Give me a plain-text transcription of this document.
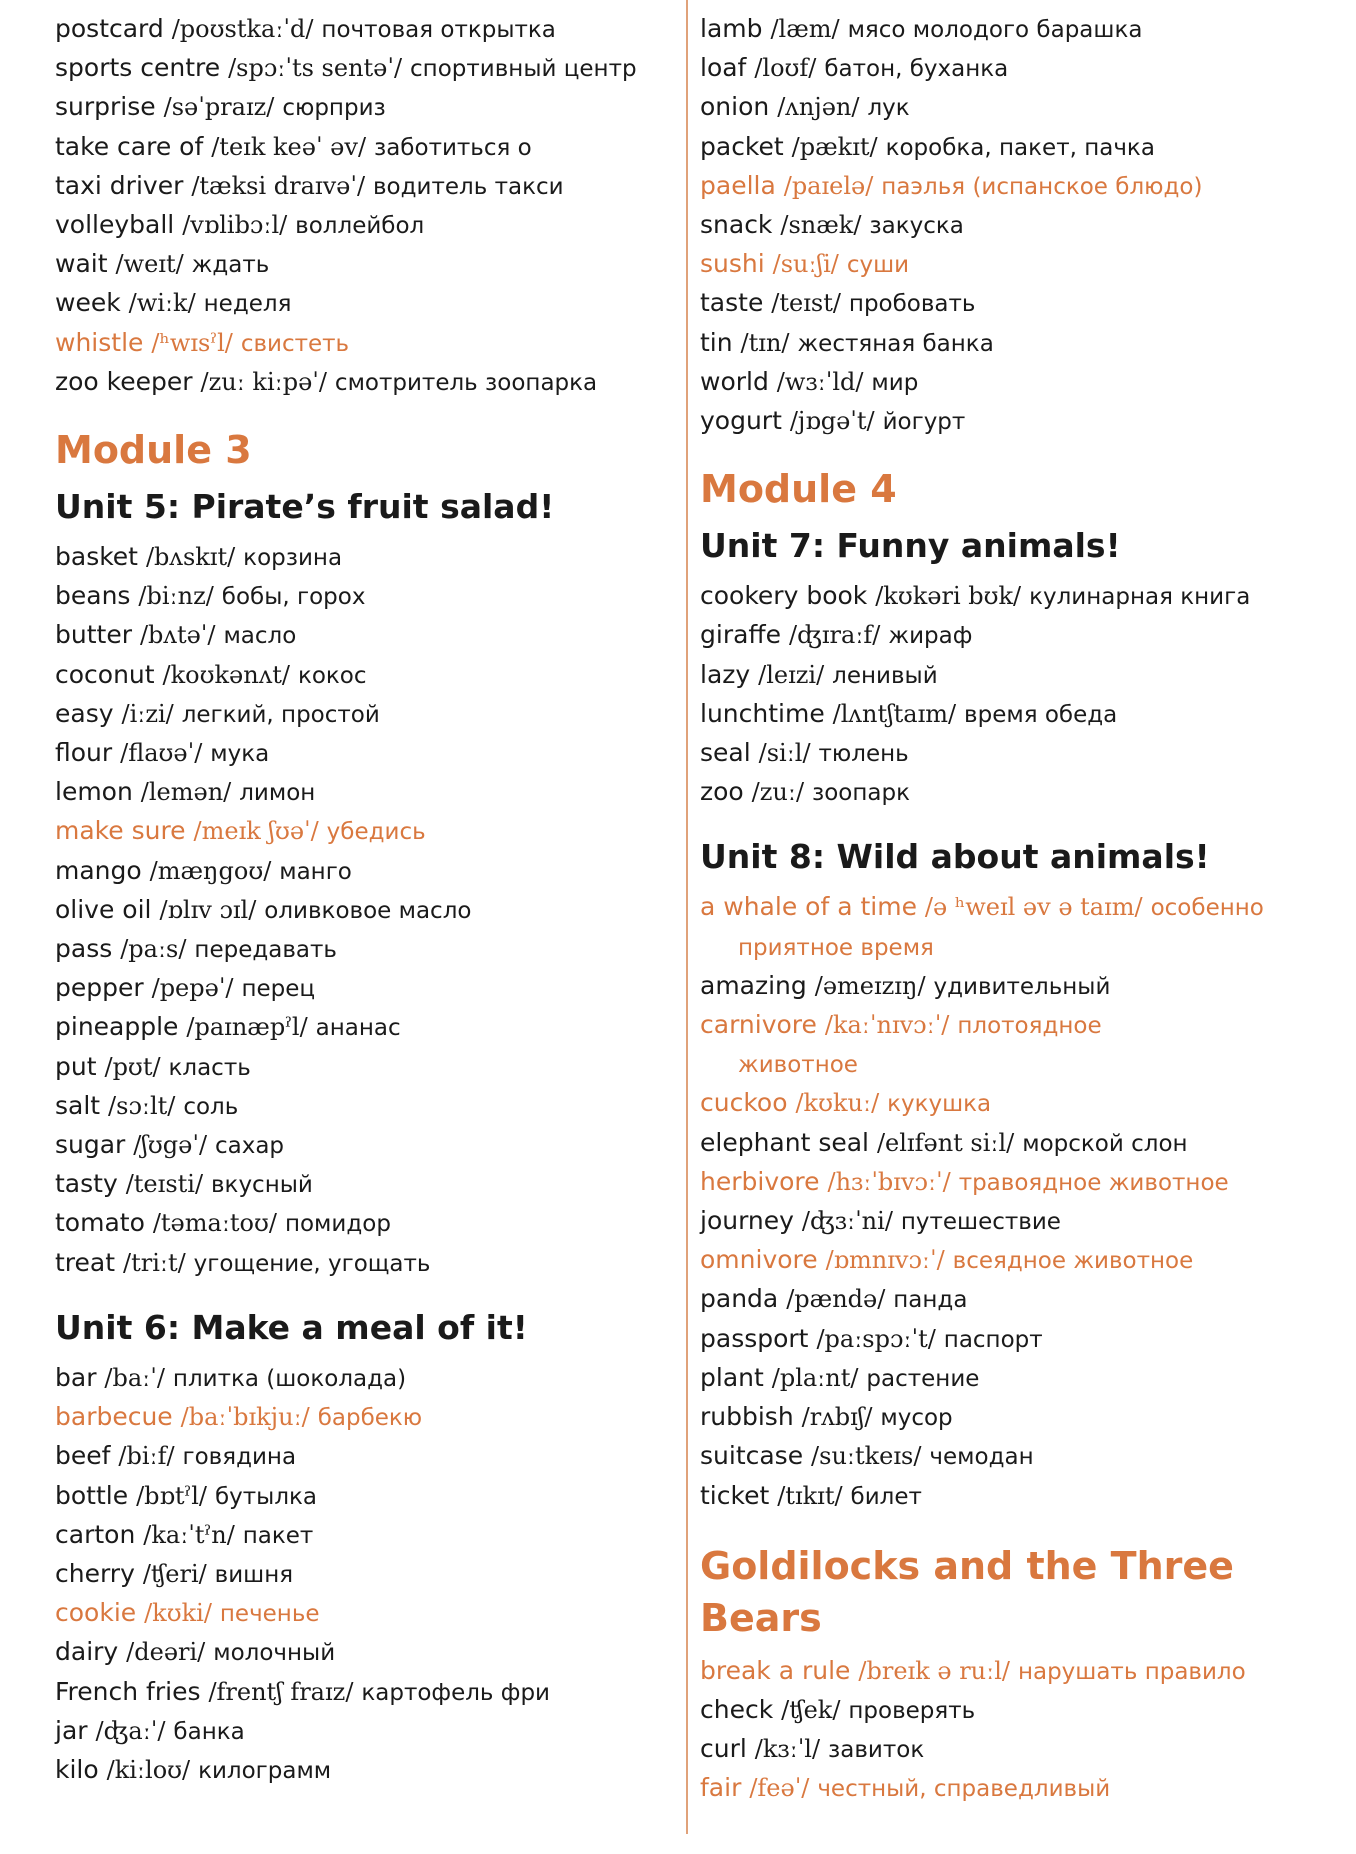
postcard /poʊstkaːˈd/ почтовая открытка
sports centre /spɔːˈts sentəˈ/ спортивный центр
surprise /səˈpraɪz/ сюрприз
take care of /teɪk keəˈ əv/ заботиться о
taxi driver /tæksi draɪvəˈ/ водитель такси
volleyball /vɒlibɔːl/ воллейбол
wait /weɪt/ ждать
week /wiːk/ неделя
whistle /ʰwɪsˀl/ свистеть
zoo keeper /zuː kiːpəˈ/ смотритель зоопарка
Module 3
Unit 5: Pirate’s fruit salad!
basket /bʌskɪt/ корзина
beans /biːnz/ бобы, горох
butter /bʌtəˈ/ масло
coconut /koʊkənʌt/ кокос
easy /iːzi/ легкий, простой
flour /flaʊəˈ/ мука
lemon /lemən/ лимон
make sure /meɪk ʃʊəˈ/ убедись
mango /mæŋgoʊ/ манго
olive oil /ɒlɪv ɔɪl/ оливковое масло
pass /paːs/ передавать
pepper /pepəˈ/ перец
pineapple /paɪnæpˀl/ ананас
put /pʊt/ класть
salt /sɔːlt/ соль
sugar /ʃʊgəˈ/ сахар
tasty /teɪsti/ вкусный
tomato /təmaːtoʊ/ помидор
treat /triːt/ угощение, угощать
Unit 6: Make a meal of it!
bar /baːˈ/ плитка (шоколада)
barbecue /baːˈbɪkjuː/ барбекю
beef /biːf/ говядина
bottle /bɒtˀl/ бутылка
carton /kaːˈtˀn/ пакет
cherry /ʧeri/ вишня
cookie /kʊki/ печенье
dairy /deəri/ молочный
French fries /frentʃ fraɪz/ картофель фри
jar /ʤaːˈ/ банка
kilo /kiːloʊ/ килограмм
lamb /læm/ мясо молодого барашка
loaf /loʊf/ батон, буханка
onion /ʌnjən/ лук
packet /pækɪt/ коробка, пакет, пачка
paella /paɪelə/ паэлья (испанское блюдо)
snack /snæk/ закуска
sushi /suːʃi/ суши
taste /teɪst/ пробовать
tin /tɪn/ жестяная банка
world /wɜːˈld/ мир
yogurt /jɒgəˈt/ йогурт
Module 4
Unit 7: Funny animals!
cookery book /kʊkəri bʊk/ кулинарная книга
giraffe /ʤɪraːf/ жираф
lazy /leɪzi/ ленивый
lunchtime /lʌntʃtaɪm/ время обеда
seal /siːl/ тюлень
zoo /zuː/ зоопарк
Unit 8: Wild about animals!
a whale of a time /ə ʰweɪl əv ə taɪm/ особенно
приятное время
amazing /əmeɪzɪŋ/ удивительный
carnivore /kaːˈnɪvɔːˈ/ плотоядное
животное
cuckoo /kʊkuː/ кукушка
elephant seal /elɪfənt siːl/ морской слон
herbivore /hɜːˈbɪvɔːˈ/ травоядное животное
journey /ʤɜːˈni/ путешествие
omnivore /ɒmnɪvɔːˈ/ всеядное животное
panda /pændə/ панда
passport /paːspɔːˈt/ паспорт
plant /plaːnt/ растение
rubbish /rʌbɪʃ/ мусор
suitcase /suːtkeɪs/ чемодан
ticket /tɪkɪt/ билет
Goldilocks and the Three Bears
break a rule /breɪk ə ruːl/ нарушать правило
check /ʧek/ проверять
curl /kɜːˈl/ завиток
fair /feəˈ/ честный, справедливый
